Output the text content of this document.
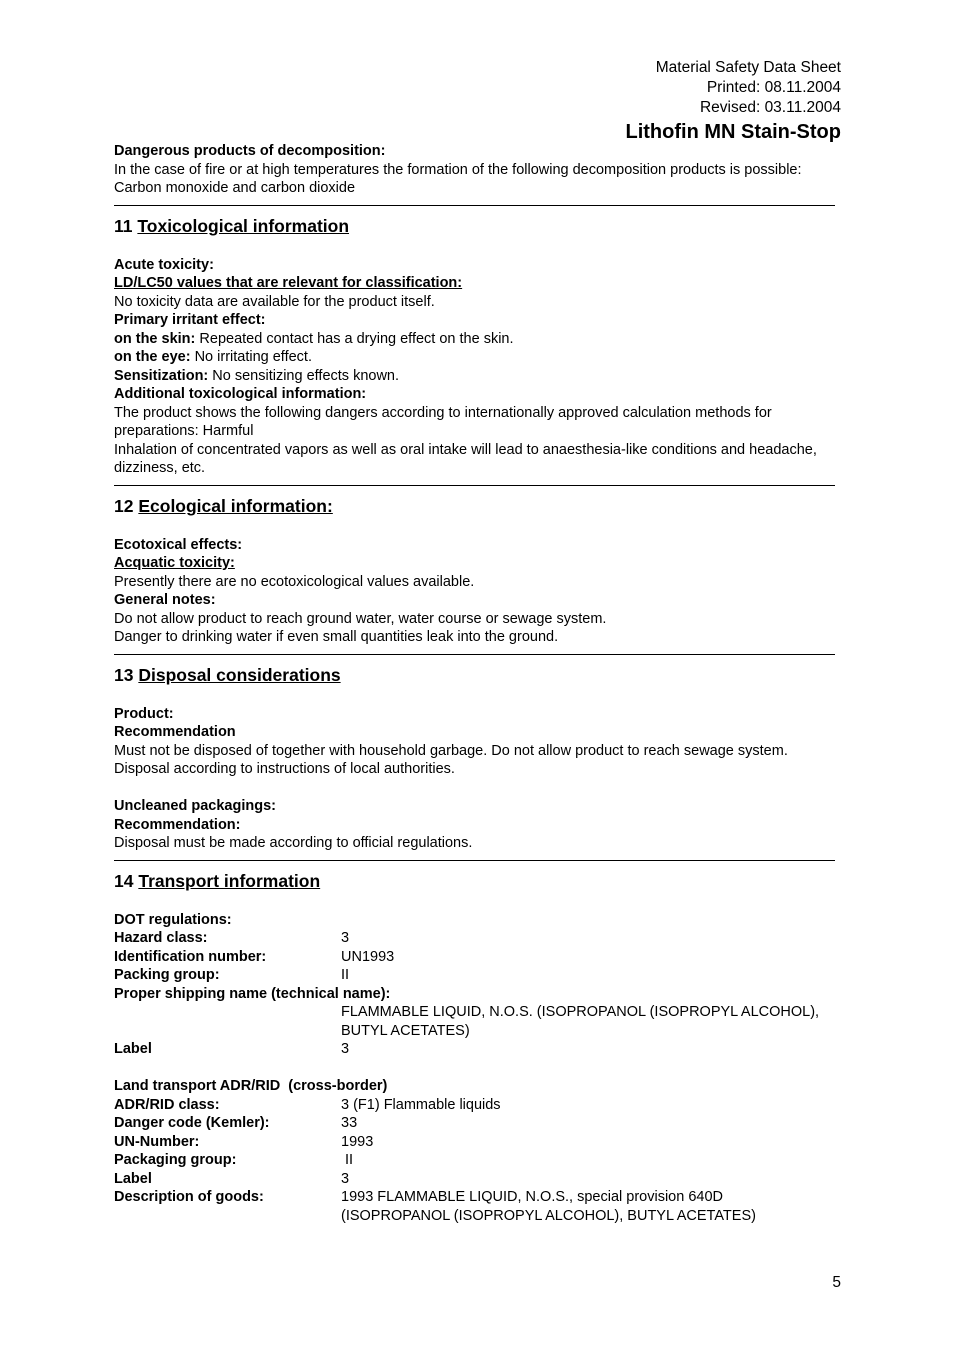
Material Safety Data Sheet
Printed: 08.11.2004
Revised: 03.11.2004
Lithofin MN Stain-Stop
Dangerous products of decomposition:
In the case of fire or at high temperatures the formation of the following decomposition products is possible: Carbon monoxide and carbon dioxide
11 Toxicological information
Acute toxicity:
LD/LC50 values that are relevant for classification:
No toxicity data are available for the product itself.
Primary irritant effect:
on the skin: Repeated contact has a drying effect on the skin.
on the eye: No irritating effect.
Sensitization: No sensitizing effects known.
Additional toxicological information:
The product shows the following dangers according to internationally approved calculation methods for preparations: Harmful
Inhalation of concentrated vapors as well as oral intake will lead to anaesthesia-like conditions and headache, dizziness, etc.
12 Ecological information:
Ecotoxical effects:
Acquatic toxicity:
Presently there are no ecotoxicological values available.
General notes:
Do not allow product to reach ground water, water course or sewage system.
Danger to drinking water if even small quantities leak into the ground.
13 Disposal considerations
Product:
Recommendation
Must not be disposed of together with household garbage. Do not allow product to reach sewage system. Disposal according to instructions of local authorities.
Uncleaned packagings:
Recommendation:
Disposal must be made according to official regulations.
14 Transport information
DOT regulations:
Hazard class:	3
Identification number:	UN1993
Packing group:	II
Proper shipping name (technical name):
FLAMMABLE LIQUID, N.O.S. (ISOPROPANOL (ISOPROPYL ALCOHOL), BUTYL ACETATES)
Label	3
Land transport ADR/RID  (cross-border)
ADR/RID class:	3 (F1) Flammable liquids
Danger code (Kemler):	33
UN-Number:	1993
Packaging group:	II
Label	3
Description of goods:	1993 FLAMMABLE LIQUID, N.O.S., special provision 640D
(ISOPROPANOL (ISOPROPYL ALCOHOL), BUTYL ACETATES)
5
